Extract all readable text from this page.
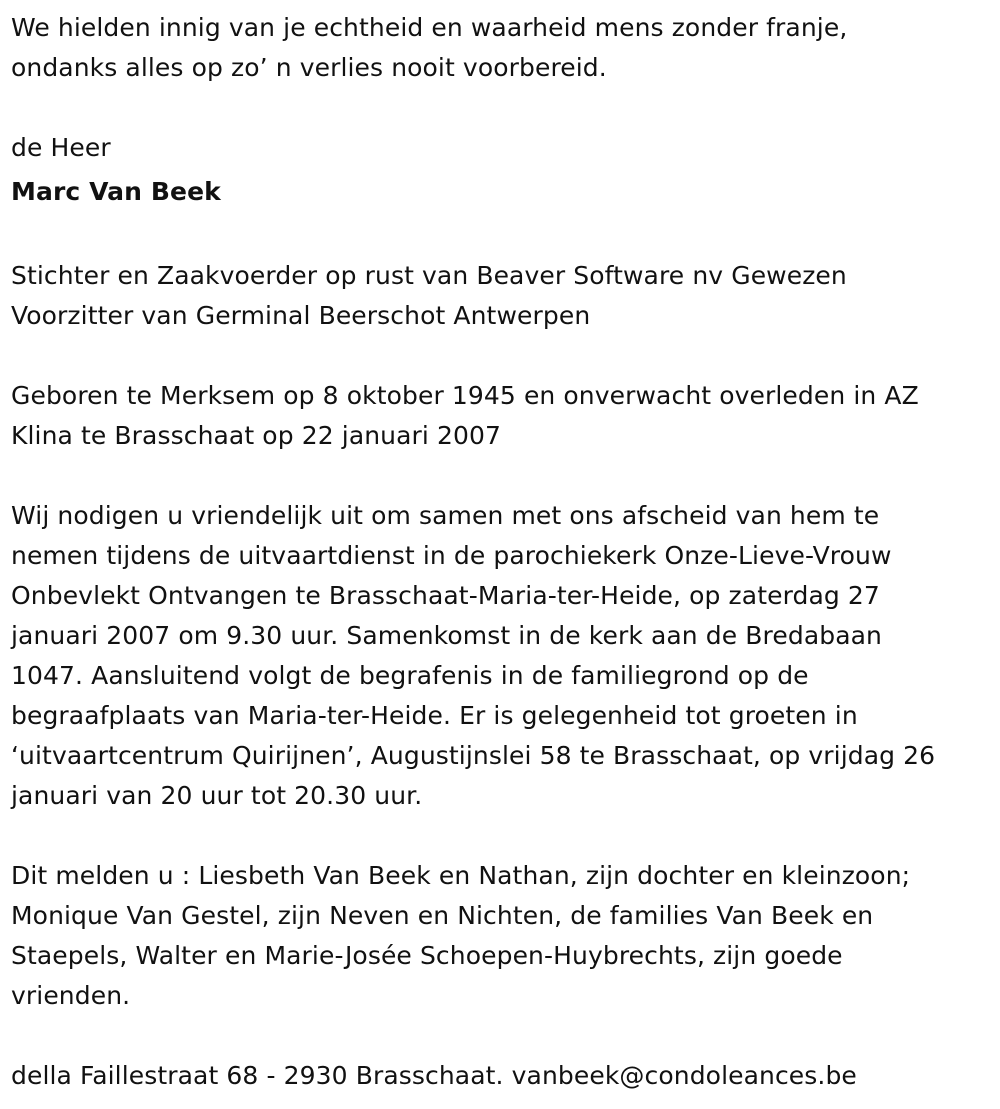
We hielden innig van je echtheid en waarheid mens zonder franje,
ondanks alles op zo’ n verlies nooit voorbereid.
de Heer
Marc Van Beek
Stichter en Zaakvoerder op rust van Beaver Software nv Gewezen
Voorzitter van Germinal Beerschot Antwerpen
Geboren te Merksem op 8 oktober 1945 en onverwacht overleden in AZ
Klina te Brasschaat op 22 januari 2007
Wij nodigen u vriendelijk uit om samen met ons afscheid van hem te
nemen tijdens de uitvaartdienst in de parochiekerk Onze-Lieve-Vrouw
Onbevlekt Ontvangen te Brasschaat-Maria-ter-Heide, op zaterdag 27
januari 2007 om 9.30 uur. Samenkomst in de kerk aan de Bredabaan
1047. Aansluitend volgt de begrafenis in de familiegrond op de
begraafplaats van Maria-ter-Heide. Er is gelegenheid tot groeten in
‘uitvaartcentrum Quirijnen’, Augustijnslei 58 te Brasschaat, op vrijdag 26
januari van 20 uur tot 20.30 uur.
Dit melden u : Liesbeth Van Beek en Nathan, zijn dochter en kleinzoon;
Monique Van Gestel, zijn Neven en Nichten, de families Van Beek en
Staepels, Walter en Marie-Josée Schoepen-Huybrechts, zijn goede
vrienden.
della Faillestraat 68 - 2930 Brasschaat. vanbeek@condoleances.be
